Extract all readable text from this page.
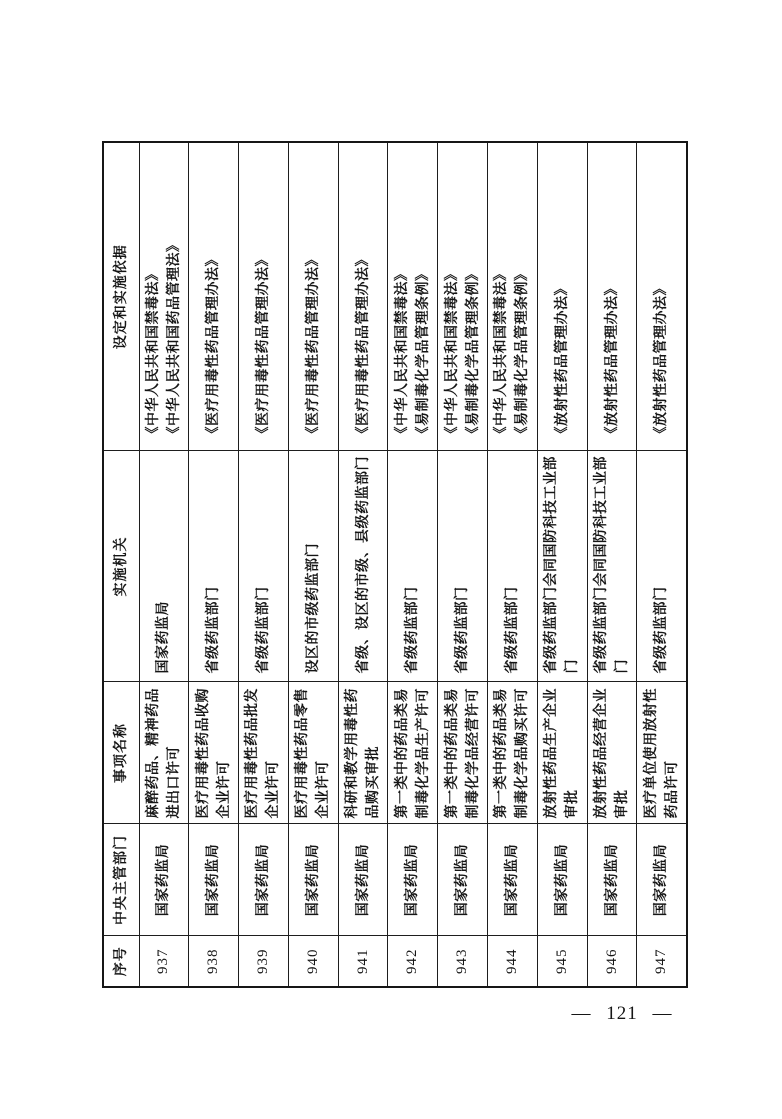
序号	中央主管部门	事项名称	实施机关	设定和实施依据
937	国家药监局	麻醉药品、精神药品进出口许可	国家药监局	《中华人民共和国禁毒法》 《中华人民共和国药品管理法》

938	国家药监局	医疗用毒性药品收购企业许可	省级药监部门	《医疗用毒性药品管理办法》

939	国家药监局	医疗用毒性药品批发企业许可	省级药监部门	《医疗用毒性药品管理办法》

940	国家药监局	医疗用毒性药品零售企业许可	设区的市级药监部门	《医疗用毒性药品管理办法》

941	国家药监局	科研和教学用毒性药品购买审批	省级、设区的市级、县级药监部门	《医疗用毒性药品管理办法》

942	国家药监局	第一类中的药品类易制毒化学品生产许可	省级药监部门	《中华人民共和国禁毒法》 《易制毒化学品管理条例》

943	国家药监局	第一类中的药品类易制毒化学品经营许可	省级药监部门	《中华人民共和国禁毒法》 《易制毒化学品管理条例》

944	国家药监局	第一类中的药品类易制毒化学品购买许可	省级药监部门	《中华人民共和国禁毒法》 《易制毒化学品管理条例》

945	国家药监局	放射性药品生产企业审批	省级药监部门会同国防科技工业部门	《放射性药品管理办法》

946	国家药监局	放射性药品经营企业审批	省级药监部门会同国防科技工业部门	《放射性药品管理办法》

947	国家药监局	医疗单位使用放射性药品许可	省级药监部门	《放射性药品管理办法》
— 121 —
